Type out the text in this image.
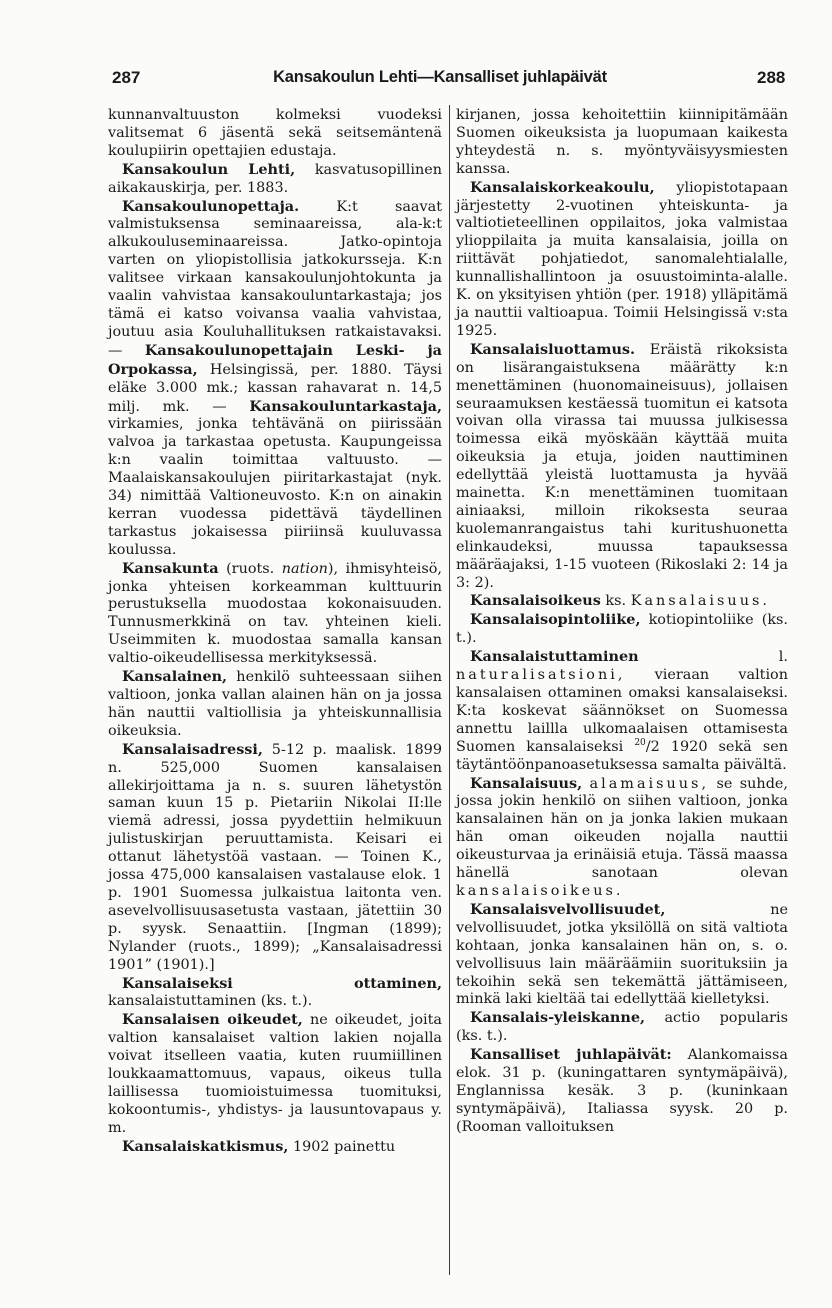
287	Kansakoulun Lehti—Kansalliset juhlapäivät	288

kunnanvaltuuston kolmeksi vuodeksi valitsemat 6 jäsentä sekä seitsemäntenä koulupiirin opettajien edustaja.

Kansakoulun Lehti, kasvatusopillinen aikakauskirja, per. 1883.

Kansakoulunopettaja. K:t saavat valmistuksensa seminaareissa, ala-k:t alkukouluseminaareissa. Jatko-opintoja varten on yliopistollisia jatkokursseja. K:n valitsee virkaan kansakoulunjohtokunta ja vaalin vahvistaa kansakouluntarkastaja; jos tämä ei katso voivansa vaalia vahvistaa, joutuu asia Kouluhallituksen ratkaistavaksi. — Kansakoulunopettajain Leski- ja Orpokassa, Helsingissä, per. 1880. Täysi eläke 3.000 mk.; kassan rahavarat n. 14,5 milj. mk. — Kansakouluntarkastaja, virkamies, jonka tehtävänä on piirissään valvoa ja tarkastaa opetusta. Kaupungeissa k:n vaalin toimittaa valtuusto. — Maalaiskansakoulujen piiritarkastajat (nyk. 34) nimittää Valtioneuvosto. K:n on ainakin kerran vuodessa pidettävä täydellinen tarkastus jokaisessa piiriinsä kuuluvassa koulussa.

Kansakunta (ruots. nation), ihmisyhteisö, jonka yhteisen korkeamman kulttuurin perustuksella muodostaa kokonaisuuden. Tunnusmerkkinä on tav. yhteinen kieli. Useimmiten k. muodostaa samalla kansan valtio-oikeudellisessa merkityksessä.

Kansalainen, henkilö suhteessaan siihen valtioon, jonka vallan alainen hän on ja jossa hän nauttii valtiollisia ja yhteiskunnallisia oikeuksia.

Kansalaisadressi, 5-12 p. maalisk. 1899 n. 525,000 Suomen kansalaisen allekirjoittama ja n. s. suuren lähetystön saman kuun 15 p. Pietariin Nikolai II:lle viemä adressi, jossa pyydettiin helmikuun julistuskirjan peruuttamista. Keisari ei ottanut lähetystöä vastaan. — Toinen K., jossa 475,000 kansalaisen vastalause elok. 1 p. 1901 Suomessa julkaistua laitonta ven. asevelvollisuusasetusta vastaan, jätettiin 30 p. syysk. Senaattiin. [Ingman (1899); Nylander (ruots., 1899); „Kansalaisadressi 1901” (1901).]

Kansalaiseksi ottaminen, kansalaistuttaminen (ks. t.).

Kansalaisen oikeudet, ne oikeudet, joita valtion kansalaiset valtion lakien nojalla voivat itselleen vaatia, kuten ruumiillinen loukkaamattomuus, vapaus, oikeus tulla laillisessa tuomioistuimessa tuomituksi, kokoontumis-, yhdistys- ja lausuntovapaus y. m.

Kansalaiskatkismus, 1902 painettu

kirjanen, jossa kehoitettiin kiinnipitämään Suomen oikeuksista ja luopumaan kaikesta yhteydestä n. s. myöntyväisyysmiesten kanssa.

Kansalaiskorkeakoulu, yliopistotapaan järjestetty 2-vuotinen yhteiskunta- ja valtiotieteellinen oppilaitos, joka valmistaa ylioppilaita ja muita kansalaisia, joilla on riittävät pohjatiedot, sanomalehtialalle, kunnallishallintoon ja osuustoiminta-alalle. K. on yksityisen yhtiön (per. 1918) ylläpitämä ja nauttii valtioapua. Toimii Helsingissä v:sta 1925.

Kansalaisluottamus. Eräistä rikoksista on lisärangaistuksena määrätty k:n menettäminen (huonomaineisuus), jollaisen seuraamuksen kestäessä tuomitun ei katsota voivan olla virassa tai muussa julkisessa toimessa eikä myöskään käyttää muita oikeuksia ja etuja, joiden nauttiminen edellyttää yleistä luottamusta ja hyvää mainetta. K:n menettäminen tuomitaan ainiaaksi, milloin rikoksesta seuraa kuolemanrangaistus tahi kuritushuonetta elinkaudeksi, muussa tapauksessa määräajaksi, 1-15 vuoteen (Rikoslaki 2: 14 ja 3: 2).

Kansalaisoikeus ks. Kansalaisuus.

Kansalaisopintoliike, kotiopintoliike (ks. t.).

Kansalaistuttaminen l. naturalisatsioni, vieraan valtion kansalaisen ottaminen omaksi kansalaiseksi. K:ta koskevat säännökset on Suomessa annettu laillla ulkomaalaisen ottamisesta Suomen kansalaiseksi $^{20}$/2 1920 sekä sen täytäntöönpanoasetuksessa samalta päivältä.

Kansalaisuus, alamaisuus, se suhde, jossa jokin henkilö on siihen valtioon, jonka kansalainen hän on ja jonka lakien mukaan hän oman oikeuden nojalla nauttii oikeusturvaa ja erinäisiä etuja. Tässä maassa hänellä sanotaan olevan kansalaisoikeus.

Kansalaisvelvollisuudet, ne velvollisuudet, jotka yksilöllä on sitä valtiota kohtaan, jonka kansalainen hän on, s. o. velvollisuus lain määräämiin suorituksiin ja tekoihin sekä sen tekemättä jättämiseen, minkä laki kieltää tai edellyttää kielletyksi.

Kansalais-yleiskanne, actio popularis (ks. t.).

Kansalliset juhlapäivät: Alankomaissa elok. 31 p. (kuningattaren syntymäpäivä), Englannissa kesäk. 3 p. (kuninkaan syntymäpäivä), Italiassa syysk. 20 p. (Rooman valloituksen
